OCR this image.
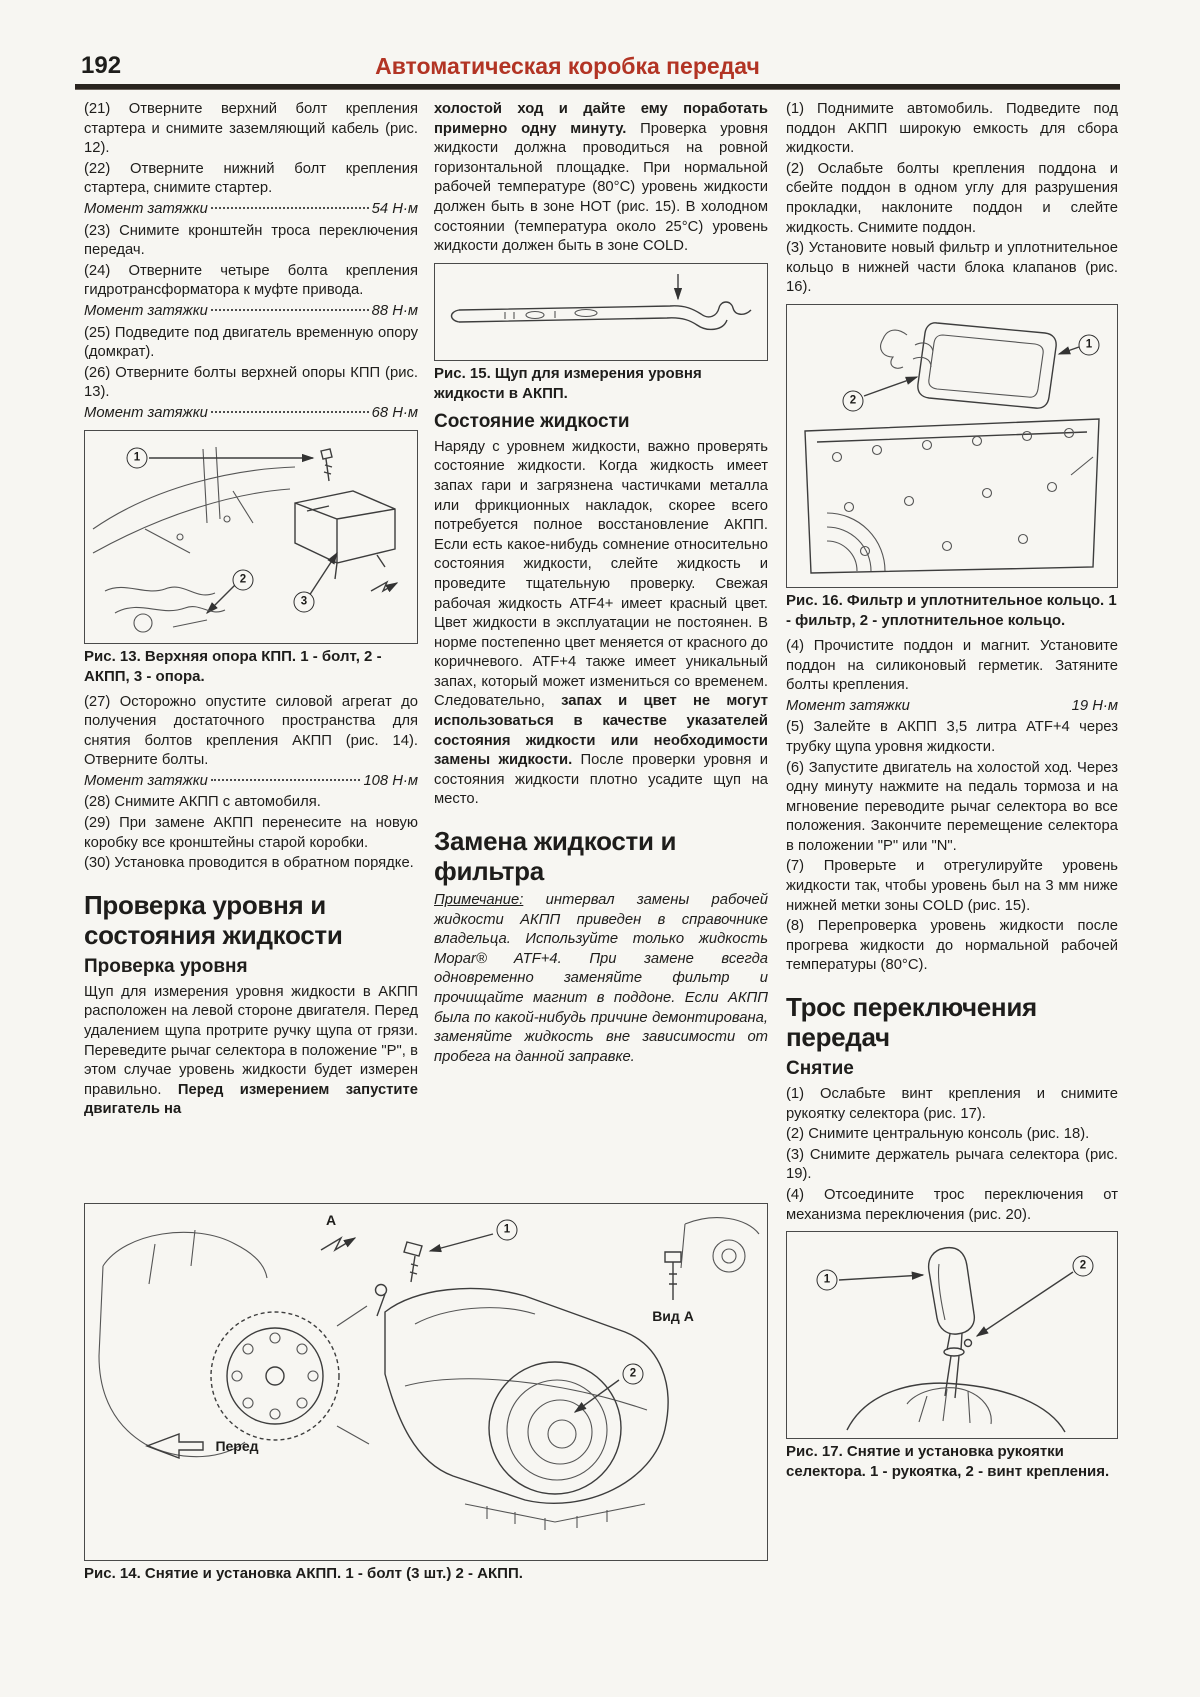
192	Автоматическая коробка передач

(21) Отверните верхний болт крепления стартера и снимите заземляющий кабель (рис. 12).

(22) Отверните нижний болт крепления стартера, снимите стартер.

Момент затяжки	54 Н·м

(23) Снимите кронштейн троса переключения передач.

(24) Отверните четыре болта крепления гидротрансформатора к муфте привода.

Момент затяжки	88 Н·м

(25) Подведите под двигатель временную опору (домкрат).

(26) Отверните болты верхней опоры КПП (рис. 13).

Момент затяжки	68 Н·м

1
2
3
Рис. 13. Верхняя опора КПП. 1 - болт, 2 - АКПП, 3 - опора.

(27) Осторожно опустите силовой агрегат до получения достаточного пространства для снятия болтов крепления АКПП (рис. 14). Отверните болты.

Момент затяжки	108 Н·м

(28) Снимите АКПП с автомобиля.

(29) При замене АКПП перенесите на новую коробку все кронштейны старой коробки.

(30) Установка проводится в обратном порядке.

Проверка уровня и состояния жидкости
Проверка уровня

Щуп для измерения уровня жидкости в АКПП расположен на левой стороне двигателя. Перед удалением щупа протрите ручку щупа от грязи. Переведите рычаг селектора в положение "Р", в этом случае уровень жидкости будет измерен правильно. Перед измерением запустите двигатель на

холостой ход и дайте ему поработать примерно одну минуту. Проверка уровня жидкости должна проводиться на ровной горизонтальной площадке. При нормальной рабочей температуре (80°С) уровень жидкости должен быть в зоне HOT (рис. 15). В холодном состоянии (температура около 25°С) уровень жидкости должен быть в зоне COLD.

Рис. 15. Щуп для измерения уровня жидкости в АКПП.
Состояние жидкости

Наряду с уровнем жидкости, важно проверять состояние жидкости. Когда жидкость имеет запах гари и загрязнена частичками металла или фрикционных накладок, скорее всего потребуется полное восстановление АКПП. Если есть какое-нибудь сомнение относительно состояния жидкости, слейте жидкость и проведите тщательную проверку. Свежая рабочая жидкость ATF4+ имеет красный цвет. Цвет жидкости в эксплуатации не постоянен. В норме постепенно цвет меняется от красного до коричневого. ATF+4 также имеет уникальный запах, который может измениться со временем. Следовательно, запах и цвет не могут использоваться в качестве указателей состояния жидкости или необходимости замены жидкости. После проверки уровня и состояния жидкости плотно усадите щуп на место.

Замена жидкости и фильтра

Примечание: интервал замены рабочей жидкости АКПП приведен в справочнике владельца. Используйте только жидкость Mopar® ATF+4. При замене всегда одновременно заменяйте фильтр и прочищайте магнит в поддоне. Если АКПП была по какой-нибудь причине демонтирована, заменяйте жидкость вне зависимости от пробега на данной заправке.

(1) Поднимите автомобиль. Подведите под поддон АКПП широкую емкость для сбора жидкости.

(2) Ослабьте болты крепления поддона и сбейте поддон в одном углу для разрушения прокладки, наклоните поддон и слейте жидкость. Снимите поддон.

(3) Установите новый фильтр и уплотнительное кольцо в нижней части блока клапанов (рис. 16).

1
2
Рис. 16. Фильтр и уплотнительное кольцо. 1 - фильтр, 2 - уплотнительное кольцо.

(4) Прочистите поддон и магнит. Установите поддон на силиконовый герметик. Затяните болты крепления.

Момент затяжки	19 Н·м

(5) Залейте в АКПП 3,5 литра ATF+4 через трубку щупа уровня жидкости.

(6) Запустите двигатель на холостой ход. Через одну минуту нажмите на педаль тормоза и на мгновение переводите рычаг селектора во все положения. Закончите перемещение селектора в положении "Р" или "N".

(7) Проверьте и отрегулируйте уровень жидкости так, чтобы уровень был на 3 мм ниже нижней метки зоны COLD (рис. 15).

(8) Перепроверка уровень жидкости после прогрева жидкости до нормальной рабочей температуры (80°С).

Трос переключения передач
Снятие

(1) Ослабьте винт крепления и снимите рукоятку селектора (рис. 17).

(2) Снимите центральную консоль (рис. 18).

(3) Снимите держатель рычага селектора (рис. 19).

(4) Отсоедините трос переключения от механизма переключения (рис. 20).

1
2
Рис. 17. Снятие и установка рукоятки селектора. 1 - рукоятка, 2 - винт крепления.
1
2
А
Вид А
Перед
Рис. 14. Снятие и установка АКПП. 1 - болт (3 шт.) 2 - АКПП.
